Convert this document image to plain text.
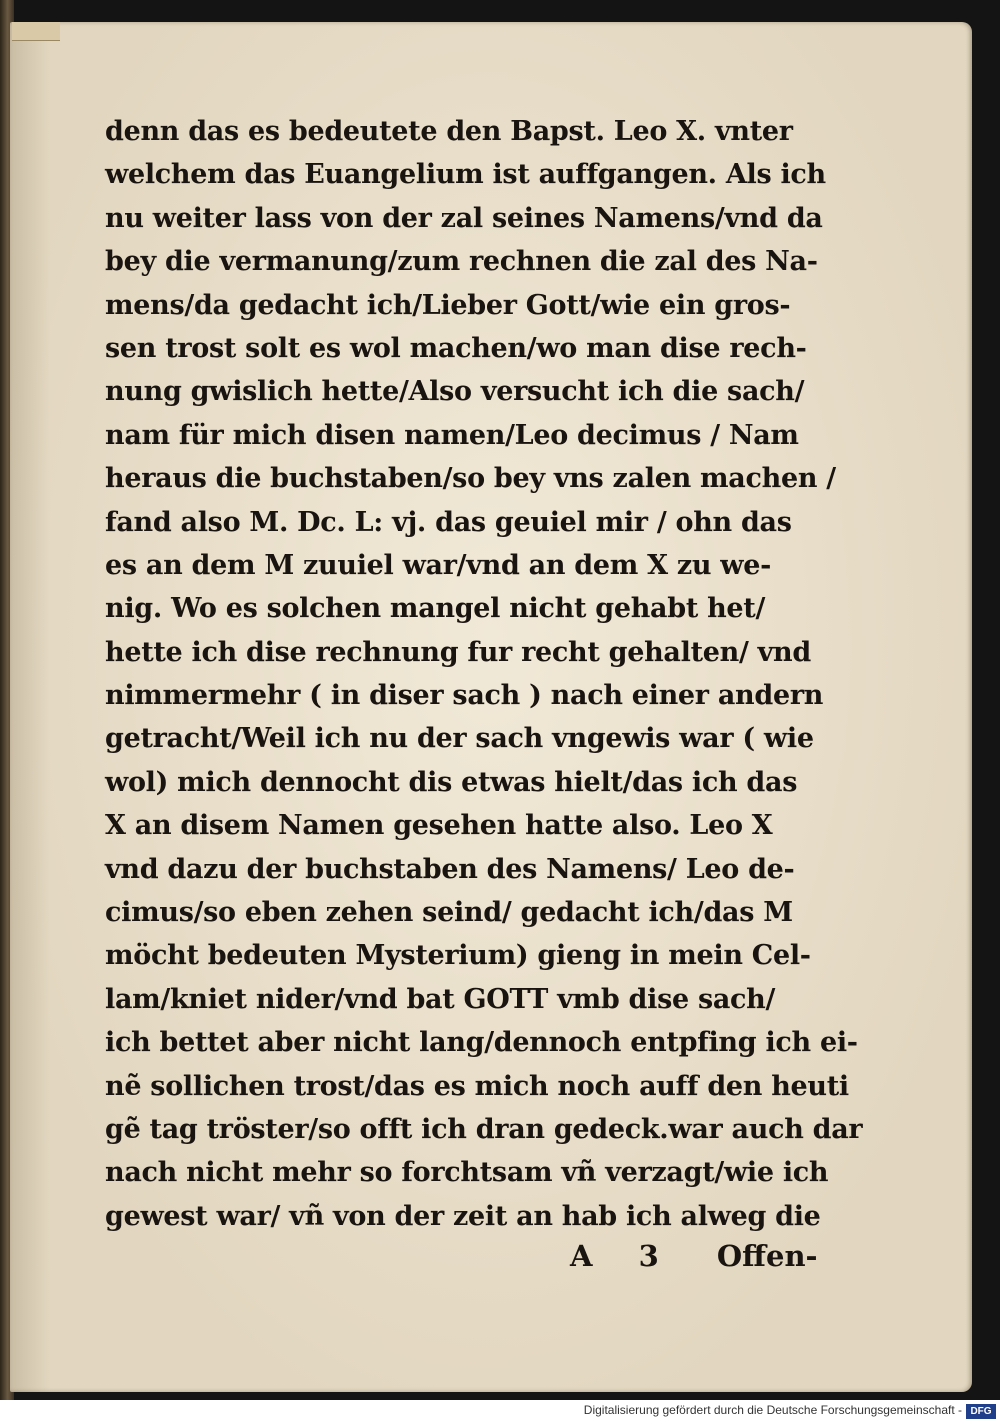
denn das es bedeutete den Bapst. Leo X. vnter
welchem das Euangelium ist auffgangen. Als ich
nu weiter lass von der zal seines Namens/vnd da
bey die vermanung/zum rechnen die zal des Na-
mens/da gedacht ich/Lieber Gott/wie ein gros-
sen trost solt es wol machen/wo man dise rech-
nung gwislich hette/Also versucht ich die sach/
nam für mich disen namen/Leo decimus / Nam
heraus die buchstaben/so bey vns zalen machen /
fand also M. Dc. L: vj. das geuiel mir / ohn das
es an dem M zuuiel war/vnd an dem X zu we-
nig. Wo es solchen mangel nicht gehabt het/
hette ich dise rechnung fur recht gehalten/ vnd
nimmermehr ( in diser sach ) nach einer andern
getracht/Weil ich nu der sach vngewis war ( wie
wol) mich dennocht dis etwas hielt/das ich das
X an disem Namen gesehen hatte also. Leo X
vnd dazu der buchstaben des Namens/ Leo de-
cimus/so eben zehen seind/ gedacht ich/das M
möcht bedeuten Mysterium) gieng in mein Cel-
lam/kniet nider/vnd bat GOTT vmb dise sach/
ich bettet aber nicht lang/dennoch entpfing ich ei-
nẽ sollichen trost/das es mich noch auff den heuti
gẽ tag tröster/so offt ich dran gedeck.war auch dar
nach nicht mehr so forchtsam vñ verzagt/wie ich
gewest war/ vñ von der zeit an hab ich alweg die
A 3 Offen-
Digitalisierung gefördert durch die Deutsche Forschungsgemeinschaft - DFG
